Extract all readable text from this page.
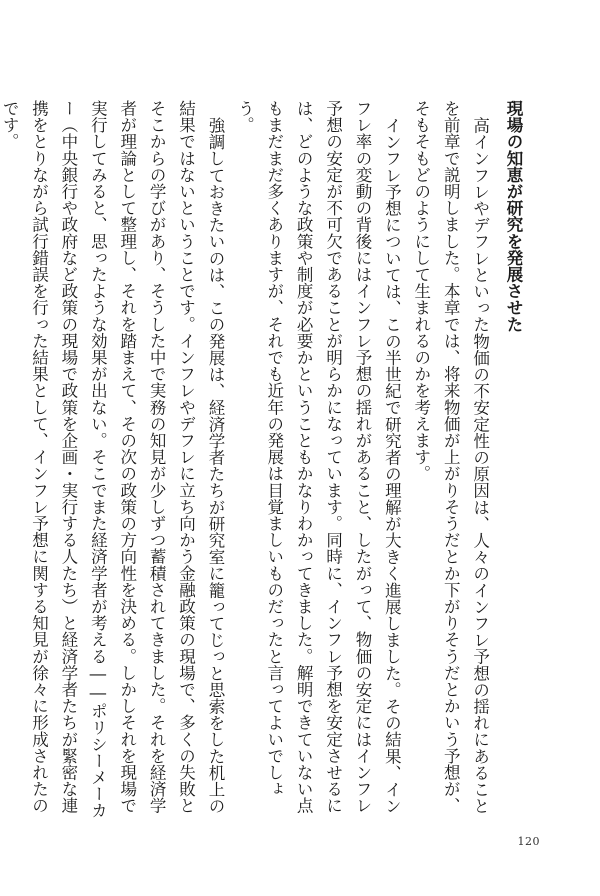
現場の知恵が研究を発展させた

高インフレやデフレといった物価の不安定性の原因は、人々のインフレ予想の揺れにあることを前章で説明しました。本章では、将来物価が上がりそうだとか下がりそうだとかいう予想が、そもそもどのようにして生まれるのかを考えます。

インフレ予想については、この半世紀で研究者の理解が大きく進展しました。その結果、インフレ率の変動の背後にはインフレ予想の揺れがあること、したがって、物価の安定にはインフレ予想の安定が不可欠であることが明らかになっています。同時に、インフレ予想を安定させるには、どのような政策や制度が必要かということもかなりわかってきました。解明できていない点もまだまだ多くありますが、それでも近年の発展は目覚ましいものだったと言ってよいでしょう。

強調しておきたいのは、この発展は、経済学者たちが研究室に籠ってじっと思索をした机上の結果ではないということです。インフレやデフレに立ち向かう金融政策の現場で、多くの失敗とそこからの学びがあり、そうした中で実務の知見が少しずつ蓄積されてきました。それを経済学者が理論として整理し、それを踏まえて、その次の政策の方向性を決める。しかしそれを現場で実行してみると、思ったような効果が出ない。そこでまた経済学者が考える――ポリシーメーカー（中央銀行や政府など政策の現場で政策を企画・実行する人たち）と経済学者たちが緊密な連携をとりながら試行錯誤を行った結果として、インフレ予想に関する知見が徐々に形成されたのです。

120
